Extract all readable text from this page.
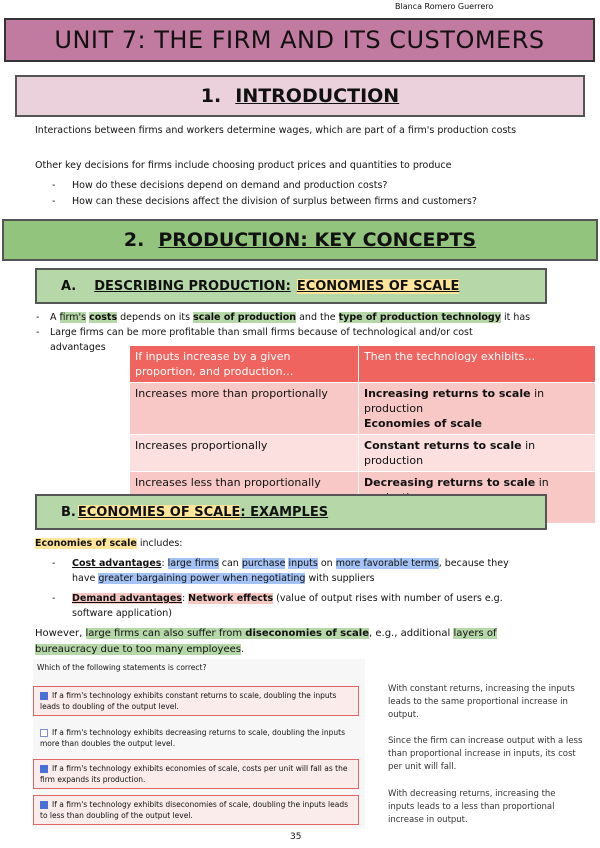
Blanca Romero Guerrero
UNIT 7: THE FIRM AND ITS CUSTOMERS
1. INTRODUCTION
Interactions between firms and workers determine wages, which are part of a firm's production costs
Other key decisions for firms include choosing product prices and quantities to produce
- How do these decisions depend on demand and production costs?
- How can these decisions affect the division of surplus between firms and customers?
2. PRODUCTION: KEY CONCEPTS
A. DESCRIBING PRODUCTION: ECONOMIES OF SCALE
- A firm's costs depends on its scale of production and the type of production technology it has
- Large firms can be more profitable than small firms because of technological and/or cost
advantages
If inputs increase by a given proportion, and production…	Then the technology exhibits…
Increases more than proportionally	Increasing returns to scale in production
Economies of scale
Increases proportionally	Constant returns to scale in production
Increases less than proportionally	Decreasing returns to scale in

B. ECONOMIES OF SCALE : EXAMPLES
Economies of scale includes:
- Cost advantages: large firms can purchase inputs on more favorable terms, because they
have greater bargaining power when negotiating with suppliers
- Demand advantages: Network effects (value of output rises with number of users e.g.
software application)
However, large firms can also suffer from diseconomies of scale, e.g., additional layers of
bureaucracy due to too many employees.
Which of the following statements is correct?
If a firm's technology exhibits constant returns to scale, doubling the inputs leads to doubling of the output level.
If a firm's technology exhibits decreasing returns to scale, doubling the inputs more than doubles the output level.
If a firm's technology exhibits economies of scale, costs per unit will fall as the firm expands its production.
If a firm's technology exhibits diseconomies of scale, doubling the inputs leads to less than doubling of the output level.
With constant returns, increasing the inputs leads to the same proportional increase in output.
Since the firm can increase output with a less than proportional increase in inputs, its cost per unit will fall.
With decreasing returns, increasing the inputs leads to a less than proportional increase in output.
35
